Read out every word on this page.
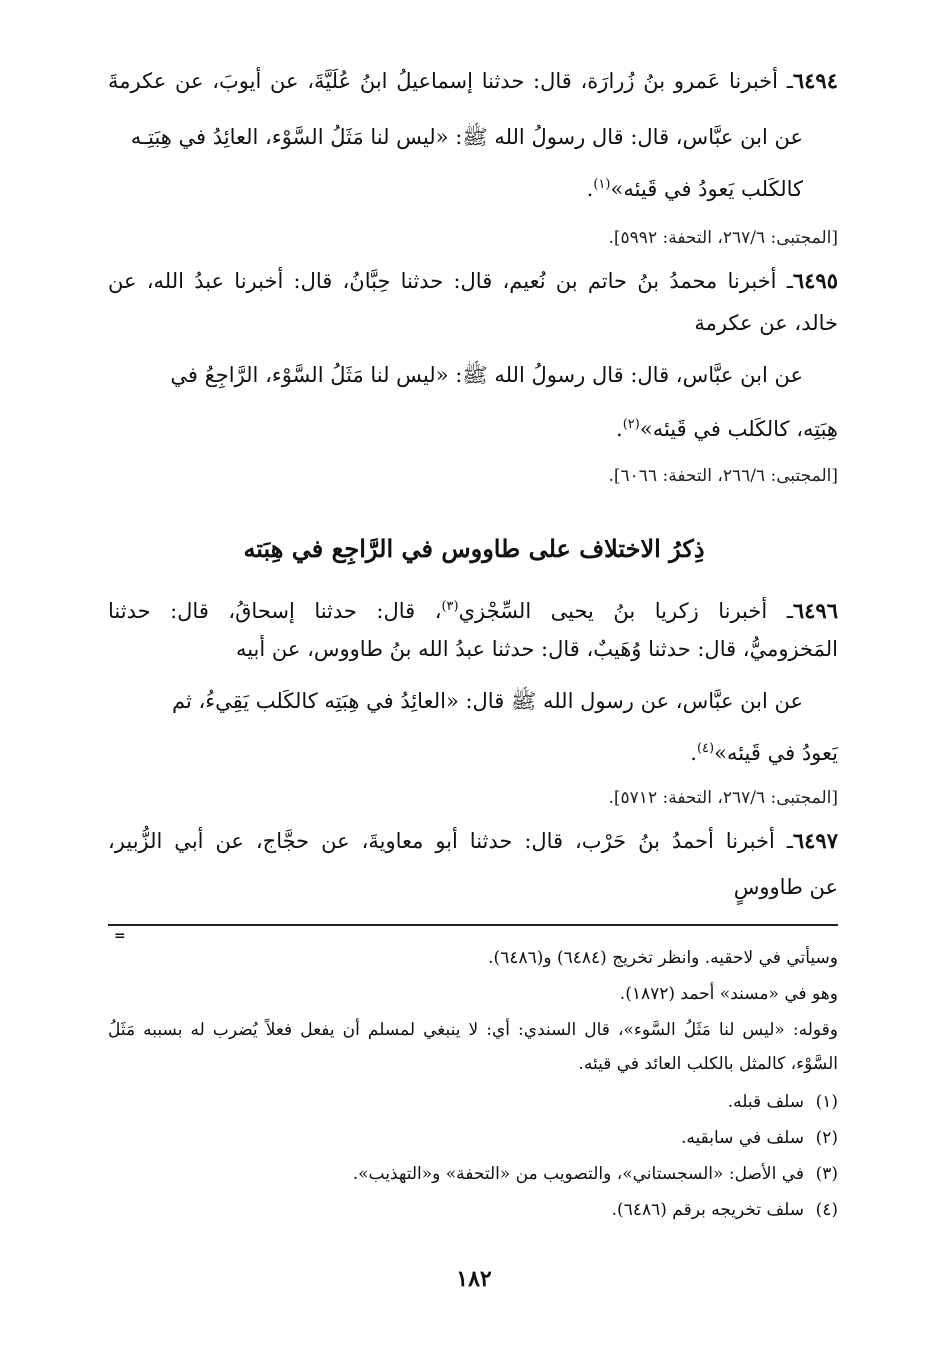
٦٤٩٤ـ أخبرنا عَمرو بنُ زُرارَة، قال: حدثنا إسماعيلُ ابنُ عُلَيَّةَ، عن أيوبَ، عن عكرمةَ
عن ابن عبَّاس، قال: قال رسولُ الله ﷺ: «ليس لنا مَثَلُ السَّوْء، العائِدُ في هِبَتِـه
كالكَلب يَعودُ في قَيئه»$^{(١)}$.
[المجتبى: ٢٦٧/٦، التحفة: ٥٩٩٢].
٦٤٩٥ـ أخبرنا محمدُ بنُ حاتم بن نُعيم، قال: حدثنا حِبَّانُ، قال: أخبرنا عبدُ الله، عن
خالد، عن عكرمة
عن ابن عبَّاس، قال: قال رسولُ الله ﷺ: «ليس لنا مَثَلُ السَّوْء، الرَّاجِعُ في
هِبَتِه، كالكَلب في قَيئه»$^{(٢)}$.
[المجتبى: ٢٦٦/٦، التحفة: ٦٠٦٦].
ذِكرُ الاختلاف على طاووس في الرَّاجِع في هِبَته
٦٤٩٦ـ أخبرنا زكريا بنُ يحيى السِّجْزي$^{(٣)}$، قال: حدثنا إسحاقُ، قال: حدثنا
المَخزوميُّ، قال: حدثنا وُهَيبٌ، قال: حدثنا عبدُ الله بنُ طاووس، عن أبيه
عن ابن عبَّاس، عن رسول الله ﷺ قال: «العائِدُ في هِبَتِه كالكَلب يَقِيءُ، ثم
يَعودُ في قَيئه»$^{(٤)}$.
[المجتبى: ٢٦٧/٦، التحفة: ٥٧١٢].
٦٤٩٧ـ أخبرنا أحمدُ بنُ حَرْب، قال: حدثنا أبو معاويةَ، عن حجَّاج، عن أبي الزُّبير،
عن طاووسٍ
=
وسيأتي في لاحقيه. وانظر تخريج (٦٤٨٤) و(٦٤٨٦).
وهو في «مسند» أحمد (١٨٧٢).
وقوله: «ليس لنا مَثَلُ السَّوء»، قال السندي: أي: لا ينبغي لمسلم أن يفعل فعلاً يُضرب له بسببه مَثَلُ
السَّوْء، كالمثل بالكلب العائد في قيئه.
(١)سلف قبله.
(٢)سلف في سابقيه.
(٣)في الأصل: «السجستاني»، والتصويب من «التحفة» و«التهذيب».
(٤)سلف تخريجه برقم (٦٤٨٦).
١٨٢
